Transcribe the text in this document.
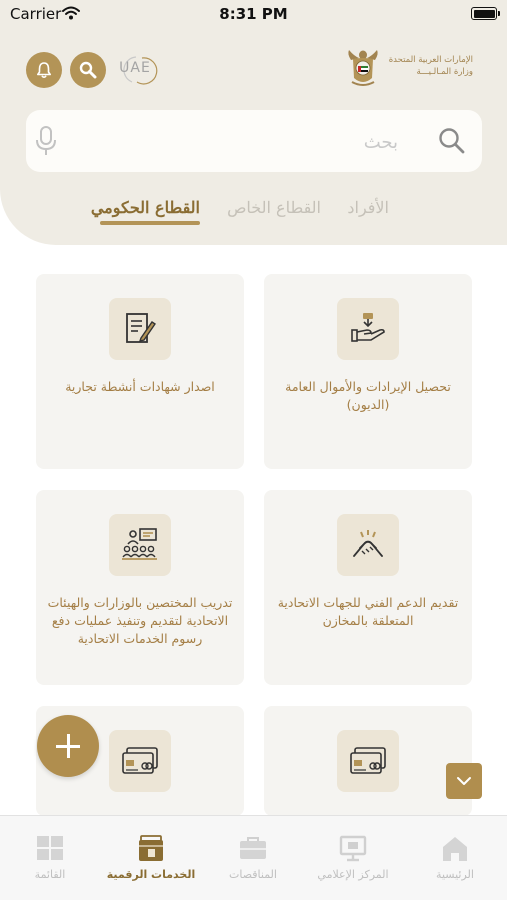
Carrier	8:31 PM
UAE	الإمارات العربية المتحدة
وزارة المـالـيـــة
بحث
القطاع الحكومي القطاع الخاص الأفراد
تحصيل الإيرادات والأموال العامة (الديون)
اصدار شهادات أنشطة تجارية
تقديم الدعم الفني للجهات الاتحادية المتعلقة بالمخازن
تدريب المختصين بالوزارات والهيئات الاتحادية لتقديم وتنفيذ عمليات دفع رسوم الخدمات الاتحادية
الرئيسية
المركز الإعلامي
المناقصات
الخدمات الرقمية
القائمة
